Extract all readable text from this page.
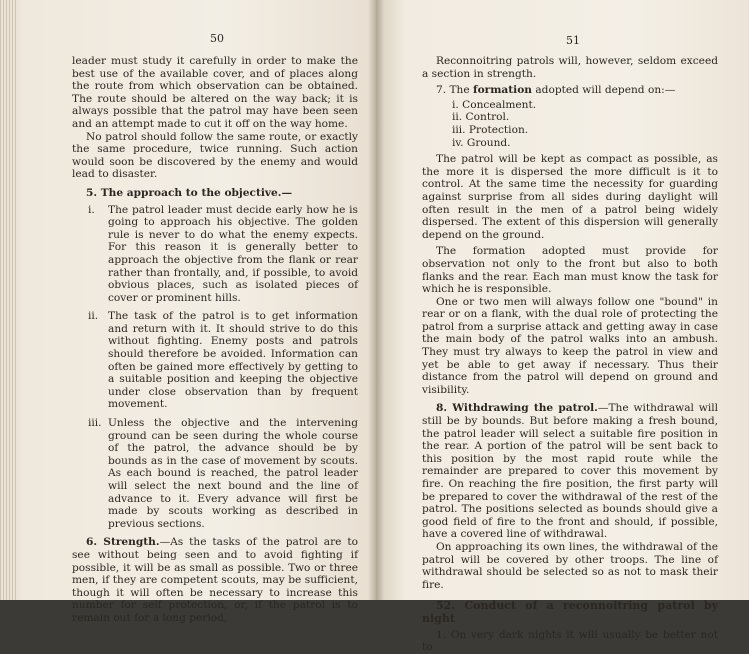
50

leader must study it carefully in order to make the best use of the available cover, and of places along the route from which observation can be obtained. The route should be altered on the way back; it is always possible that the patrol may have been seen and an attempt made to cut it off on the way home.

No patrol should follow the same route, or exactly the same procedure, twice running. Such action would soon be discovered by the enemy and would lead to disaster.

5. The approach to the objective.—

i. The patrol leader must decide early how he is going to approach his objective. The golden rule is never to do what the enemy expects. For this reason it is generally better to approach the objective from the flank or rear rather than frontally, and, if possible, to avoid obvious places, such as isolated pieces of cover or prominent hills.
ii. The task of the patrol is to get information and return with it. It should strive to do this without fighting. Enemy posts and patrols should therefore be avoided. Information can often be gained more effectively by getting to a suitable position and keeping the objective under close observation than by frequent movement.
iii. Unless the objective and the intervening ground can be seen during the whole course of the patrol, the advance should be by bounds as in the case of movement by scouts. As each bound is reached, the patrol leader will select the next bound and the line of advance to it. Every advance will first be made by scouts working as described in previous sections.

6. Strength.—As the tasks of the patrol are to see without being seen and to avoid fighting if possible, it will be as small as possible. Two or three men, if they are competent scouts, may be sufficient, though it will often be necessary to increase this number for self protection, or, if the patrol is to remain out for a long period,

51

Reconnoitring patrols will, however, seldom exceed a section in strength.

7. The formation adopted will depend on:—

i. Concealment.
ii. Control.
iii. Protection.
iv. Ground.

The patrol will be kept as compact as possible, as the more it is dispersed the more difficult is it to control. At the same time the necessity for guarding against surprise from all sides during daylight will often result in the men of a patrol being widely dispersed. The extent of this dispersion will generally depend on the ground.

The formation adopted must provide for observation not only to the front but also to both flanks and the rear. Each man must know the task for which he is responsible.

One or two men will always follow one "bound" in rear or on a flank, with the dual role of protecting the patrol from a surprise attack and getting away in case the main body of the patrol walks into an ambush. They must try always to keep the patrol in view and yet be able to get away if necessary. Thus their distance from the patrol will depend on ground and visibility.

8. Withdrawing the patrol.—The withdrawal will still be by bounds. But before making a fresh bound, the patrol leader will select a suitable fire position in the rear. A portion of the patrol will be sent back to this position by the most rapid route while the remainder are prepared to cover this movement by fire. On reaching the fire position, the first party will be prepared to cover the withdrawal of the rest of the patrol. The positions selected as bounds should give a good field of fire to the front and should, if possible, have a covered line of withdrawal.

On approaching its own lines, the withdrawal of the patrol will be covered by other troops. The line of withdrawal should be selected so as not to mask their fire.

52. Conduct of a reconnoitring patrol by night

1. On very dark nights it will usually be better not to
